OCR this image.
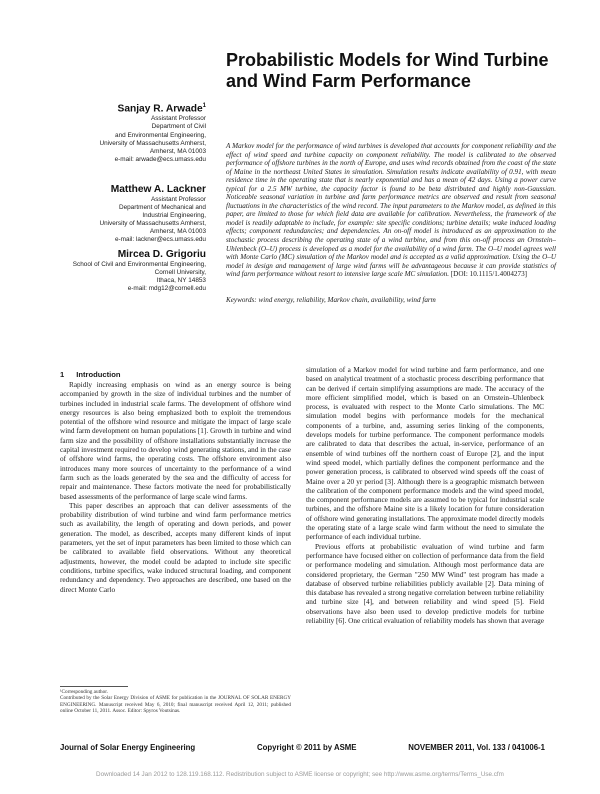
Probabilistic Models for Wind Turbine and Wind Farm Performance
Sanjay R. Arwade$^1$
Assistant Professor
Department of Civil
and Environmental Engineering,
University of Massachusetts Amherst,
Amherst, MA 01003
e-mail: arwade@ecs.umass.edu
Matthew A. Lackner
Assistant Professor
Department of Mechanical and
Industrial Engineering,
University of Massachusetts Amherst,
Amherst, MA 01003
e-mail: lackner@ecs.umass.edu
Mircea D. Grigoriu
School of Civil and Environmental Engineering,
Cornell University,
Ithaca, NY 14853
e-mail: mdg12@cornell.edu
A Markov model for the performance of wind turbines is developed that accounts for component reliability and the effect of wind speed and turbine capacity on component reliability. The model is calibrated to the observed performance of offshore turbines in the north of Europe, and uses wind records obtained from the coast of the state of Maine in the northeast United States in simulation. Simulation results indicate availability of 0.91, with mean residence time in the operating state that is nearly exponential and has a mean of 42 days. Using a power curve typical for a 2.5 MW turbine, the capacity factor is found to be beta distributed and highly non-Gaussian. Noticeable seasonal variation in turbine and farm performance metrics are observed and result from seasonal fluctuations in the characteristics of the wind record. The input parameters to the Markov model, as defined in this paper, are limited to those for which field data are available for calibration. Nevertheless, the framework of the model is readily adaptable to include, for example: site specific conditions; turbine details; wake induced loading effects; component redundancies; and dependencies. An on-off model is introduced as an approximation to the stochastic process describing the operating state of a wind turbine, and from this on-off process an Ornstein–Uhlenbeck (O–U) process is developed as a model for the availability of a wind farm. The O–U model agrees well with Monte Carlo (MC) simulation of the Markov model and is accepted as a valid approximation. Using the O–U model in design and management of large wind farms will be advantageous because it can provide statistics of wind farm performance without resort to intensive large scale MC simulation. [DOI: 10.1115/1.4004273]
Keywords: wind energy, reliability, Markov chain, availability, wind farm
1 Introduction

Rapidly increasing emphasis on wind as an energy source is being accompanied by growth in the size of individual turbines and the number of turbines included in industrial scale farms. The development of offshore wind energy resources is also being emphasized both to exploit the tremendous potential of the offshore wind resource and mitigate the impact of large scale wind farm development on human populations [1]. Growth in turbine and wind farm size and the possibility of offshore installations substantially increase the capital investment required to develop wind generating stations, and in the case of offshore wind farms, the operating costs. The offshore environment also introduces many more sources of uncertainty to the performance of a wind farm such as the loads generated by the sea and the difficulty of access for repair and maintenance. These factors motivate the need for probabilistically based assessments of the performance of large scale wind farms.

This paper describes an approach that can deliver assessments of the probability distribution of wind turbine and wind farm performance metrics such as availability, the length of operating and down periods, and power generation. The model, as described, accepts many different kinds of input parameters, yet the set of input parameters has been limited to those which can be calibrated to available field observations. Without any theoretical adjustments, however, the model could be adapted to include site specific conditions, turbine specifics, wake induced structural loading, and component redundancy and dependency. Two approaches are described, one based on the direct Monte Carlo

simulation of a Markov model for wind turbine and farm performance, and one based on analytical treatment of a stochastic process describing performance that can be derived if certain simplifying assumptions are made. The accuracy of the more efficient simplified model, which is based on an Ornstein–Uhlenbeck process, is evaluated with respect to the Monte Carlo simulations. The MC simulation model begins with performance models for the mechanical components of a turbine, and, assuming series linking of the components, develops models for turbine performance. The component performance models are calibrated to data that describes the actual, in-service, performance of an ensemble of wind turbines off the northern coast of Europe [2], and the input wind speed model, which partially defines the component performance and the power generation process, is calibrated to observed wind speeds off the coast of Maine over a 20 yr period [3]. Although there is a geographic mismatch between the calibration of the component performance models and the wind speed model, the component performance models are assumed to be typical for industrial scale turbines, and the offshore Maine site is a likely location for future consideration of offshore wind generating installations. The approximate model directly models the operating state of a large scale wind farm without the need to simulate the performance of each individual turbine.

Previous efforts at probabilistic evaluation of wind turbine and farm performance have focused either on collection of performance data from the field or performance modeling and simulation. Although most performance data are considered proprietary, the German "250 MW Wind" test program has made a database of observed turbine reliabilities publicly available [2]. Data mining of this database has revealed a strong negative correlation between turbine reliability and turbine size [4], and between reliability and wind speed [5]. Field observations have also been used to develop predictive models for turbine reliability [6]. One critical evaluation of reliability models has shown that average

¹Corresponding author.
Contributed by the Solar Energy Division of ASME for publication in the JOURNAL OF SOLAR ENERGY ENGINEERING. Manuscript received May 6, 2010; final manuscript received April 12, 2011; published online October 11, 2011. Assoc. Editor: Spyros Voutsinas.
Journal of Solar Energy Engineering	Copyright © 2011 by ASME	NOVEMBER 2011, Vol. 133 / 041006-1
Downloaded 14 Jan 2012 to 128.119.168.112. Redistribution subject to ASME license or copyright; see http://www.asme.org/terms/Terms_Use.cfm
